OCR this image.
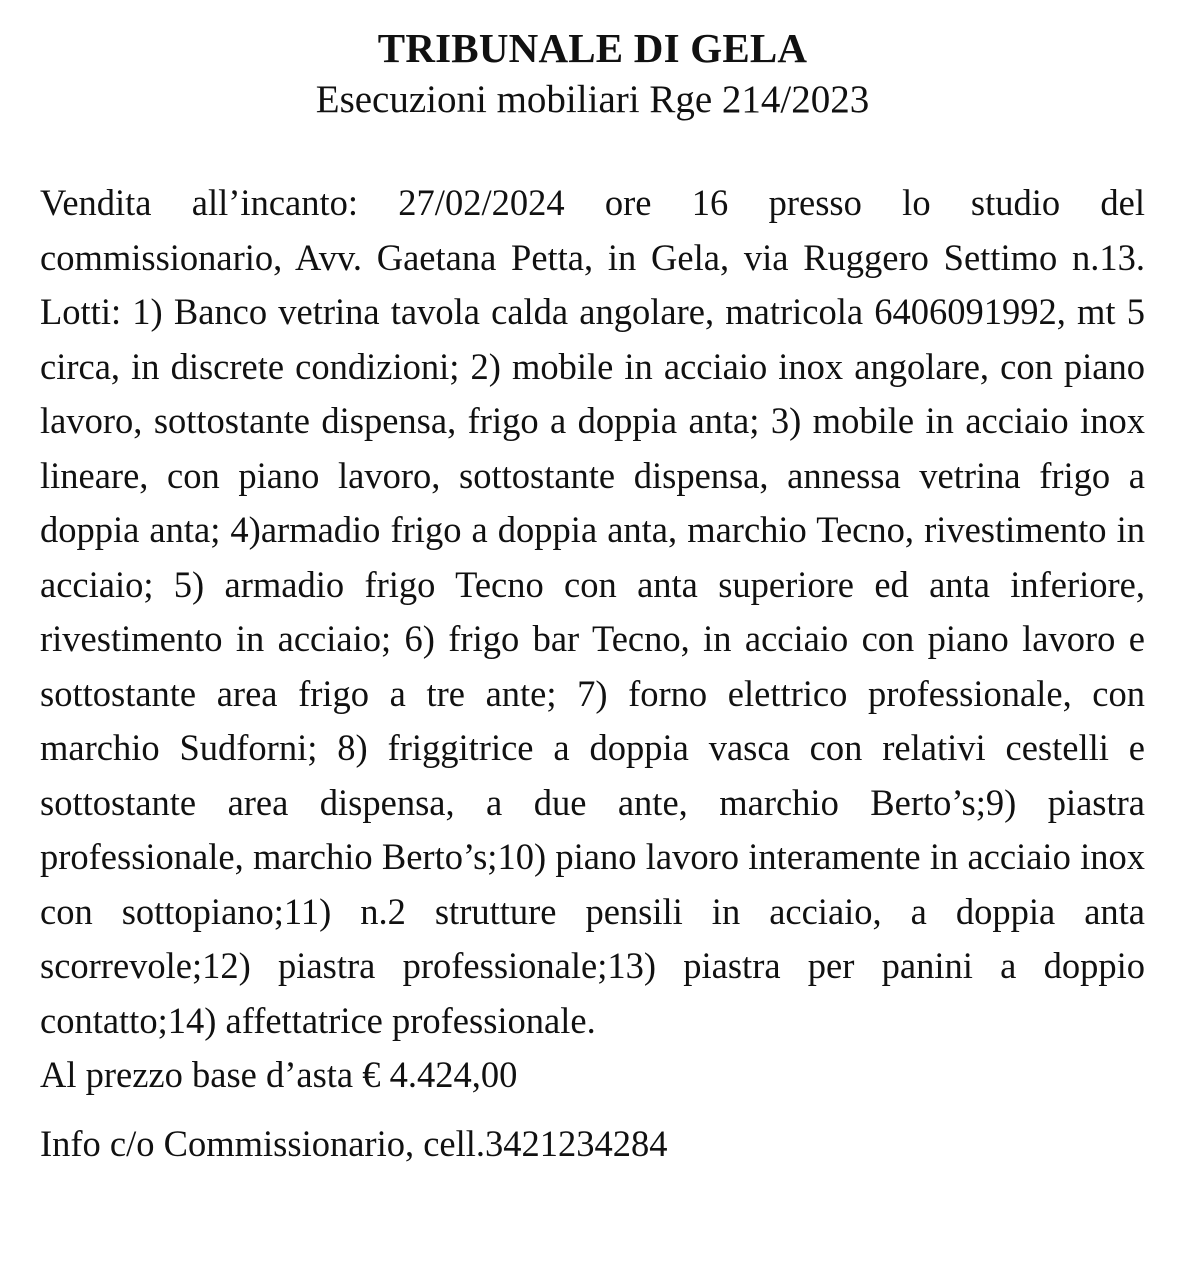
TRIBUNALE DI GELA
Esecuzioni mobiliari Rge 214/2023

Vendita all’incanto: 27/02/2024 ore 16 presso lo studio del commissionario, Avv. Gaetana Petta, in Gela, via Ruggero Settimo n.13. Lotti: 1) Banco vetrina tavola calda angolare, matricola 6406091992, mt 5 circa, in discrete condizioni; 2) mobile in acciaio inox angolare, con piano lavoro, sottostante dispensa, frigo a doppia anta; 3) mobile in acciaio inox lineare, con piano lavoro, sottostante dispensa, annessa vetrina frigo a doppia anta; 4)armadio frigo a doppia anta, marchio Tecno, rivestimento in acciaio; 5) armadio frigo Tecno con anta superiore ed anta inferiore, rivestimento in acciaio; 6) frigo bar Tecno, in acciaio con piano lavoro e sottostante area frigo a tre ante; 7) forno elettrico professionale, con marchio Sudforni; 8) friggitrice a doppia vasca con relativi cestelli e sottostante area dispensa, a due ante, marchio Berto’s;9) piastra professionale, marchio Berto’s;10) piano lavoro interamente in acciaio inox con sottopiano;11) n.2 strutture pensili in acciaio, a doppia anta scorrevole;12) piastra professionale;13) piastra per panini a doppio contatto;14) affettatrice professionale.

Al prezzo base d’asta € 4.424,00

Info c/o Commissionario, cell.3421234284
